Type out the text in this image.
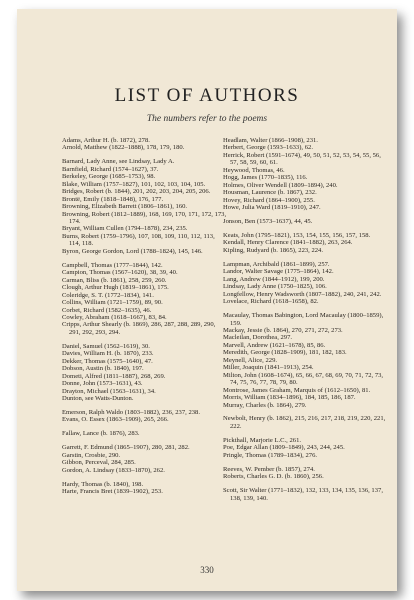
LIST OF AUTHORS
The numbers refer to the poems
Adams, Arthur H. (b. 1872), 278.
Arnold, Matthew (1822–1888), 178, 179, 180.
Barnard, Lady Anne, see Lindsay, Lady A.
Barnfield, Richard (1574–1627), 37.
Berkeley, George (1685–1753), 98.
Blake, William (1757–1827), 101, 102, 103, 104, 105.
Bridges, Robert (b. 1844), 201, 202, 203, 204, 205, 206.
Brontë, Emily (1818–1848), 176, 177.
Browning, Elizabeth Barrett (1806–1861), 160.
Browning, Robert (1812–1889), 168, 169, 170, 171, 172, 173, 174.
Bryant, William Cullen (1794–1878), 234, 235.
Burns, Robert (1759–1796), 107, 108, 109, 110, 112, 113, 114, 118.
Byron, George Gordon, Lord (1788–1824), 145, 146.
Campbell, Thomas (1777–1844), 142.
Campion, Thomas (1567–1620), 38, 39, 40.
Carman, Bliss (b. 1861), 258, 259, 260.
Clough, Arthur Hugh (1819–1861), 175.
Coleridge, S. T. (1772–1834), 141.
Collins, William (1721–1759), 89, 90.
Corbet, Richard (1582–1635), 46.
Cowley, Abraham (1618–1667), 83, 84.
Cripps, Arthur Shearly (b. 1869), 286, 287, 288, 289, 290, 291, 292, 293, 294.
Daniel, Samuel (1562–1619), 30.
Davies, William H. (b. 1870), 233.
Dekker, Thomas (1575–1640), 47.
Dobson, Austin (b. 1840), 197.
Dometi, Alfred (1811–1887), 268, 269.
Donne, John (1573–1631), 43.
Drayton, Michael (1563–1631), 34.
Dunton, see Watts-Dunton.
Emerson, Ralph Waldo (1803–1882), 236, 237, 238.
Evans, O. Essex (1863–1909), 265, 266.
Fallaw, Lance (b. 1876), 283.
Garrett, F. Edmund (1865–1907), 280, 281, 282.
Garstin, Crosbie, 290.
Gibbon, Perceval, 284, 285.
Gordon, A. Lindsay (1833–1870), 262.
Hardy, Thomas (b. 1840), 198.
Harte, Francis Bret (1839–1902), 253.
Headlam, Walter (1866–1908), 231.
Herbert, George (1593–1633), 62.
Herrick, Robert (1591–1674), 49, 50, 51, 52, 53, 54, 55, 56, 57, 58, 59, 60, 61.
Heywood, Thomas, 46.
Hogg, James (1770–1835), 116.
Holmes, Oliver Wendell (1809–1894), 240.
Housman, Laurence (b. 1867), 232.
Hovey, Richard (1864–1900), 255.
Howe, Julia Ward (1819–1910), 247.
Jonson, Ben (1573–1637), 44, 45.
Keats, John (1795–1821), 153, 154, 155, 156, 157, 158.
Kendall, Henry Clarence (1841–1882), 263, 264.
Kipling, Rudyard (b. 1865), 223, 224.
Lampman, Archibald (1861–1899), 257.
Landor, Walter Savage (1775–1864), 142.
Lang, Andrew (1844–1912), 199, 200.
Lindsay, Lady Anne (1750–1825), 106.
Longfellow, Henry Wadsworth (1807–1882), 240, 241, 242.
Lovelace, Richard (1618–1658), 82.
Macaulay, Thomas Babington, Lord Macaulay (1800–1859), 159.
Mackay, Jessie (b. 1864), 270, 271, 272, 273.
Macleilan, Dorothea, 297.
Marvell, Andrew (1621–1678), 85, 86.
Meredith, George (1828–1909), 181, 182, 183.
Meynell, Alice, 229.
Miller, Joaquin (1841–1913), 254.
Milton, John (1608–1674), 65, 66, 67, 68, 69, 70, 71, 72, 73, 74, 75, 76, 77, 78, 79, 80.
Montrose, James Graham, Marquis of (1612–1650), 81.
Morris, William (1834–1896), 184, 185, 186, 187.
Murray, Charles (b. 1864), 279.
Newbolt, Henry (b. 1862), 215, 216, 217, 218, 219, 220, 221, 222.
Pickthall, Marjorie L.C., 261.
Poe, Edgar Allan (1809–1849), 243, 244, 245.
Pringle, Thomas (1789–1834), 276.
Reeves, W. Pember (b. 1857), 274.
Roberts, Charles G. D. (b. 1860), 256.
Scott, Sir Walter (1771–1832), 132, 133, 134, 135, 136, 137, 138, 139, 140.
330
